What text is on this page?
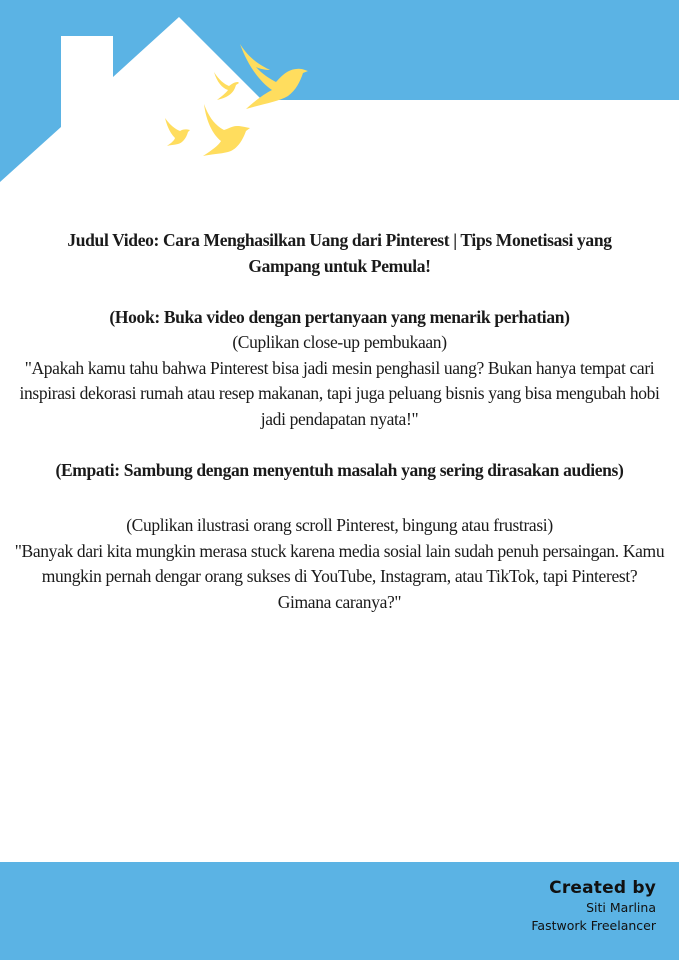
Judul Video: Cara Menghasilkan Uang dari Pinterest | Tips Monetisasi yang Gampang untuk Pemula!

(Hook: Buka video dengan pertanyaan yang menarik perhatian)

(Cuplikan close-up pembukaan)

"Apakah kamu tahu bahwa Pinterest bisa jadi mesin penghasil uang? Bukan hanya tempat cari inspirasi dekorasi rumah atau resep makanan, tapi juga peluang bisnis yang bisa mengubah hobi jadi pendapatan nyata!"

(Empati: Sambung dengan menyentuh masalah yang sering dirasakan audiens)

(Cuplikan ilustrasi orang scroll Pinterest, bingung atau frustrasi)

"Banyak dari kita mungkin merasa stuck karena media sosial lain sudah penuh persaingan. Kamu mungkin pernah dengar orang sukses di YouTube, Instagram, atau TikTok, tapi Pinterest? Gimana caranya?"

Created by
Siti Marlina
Fastwork Freelancer
